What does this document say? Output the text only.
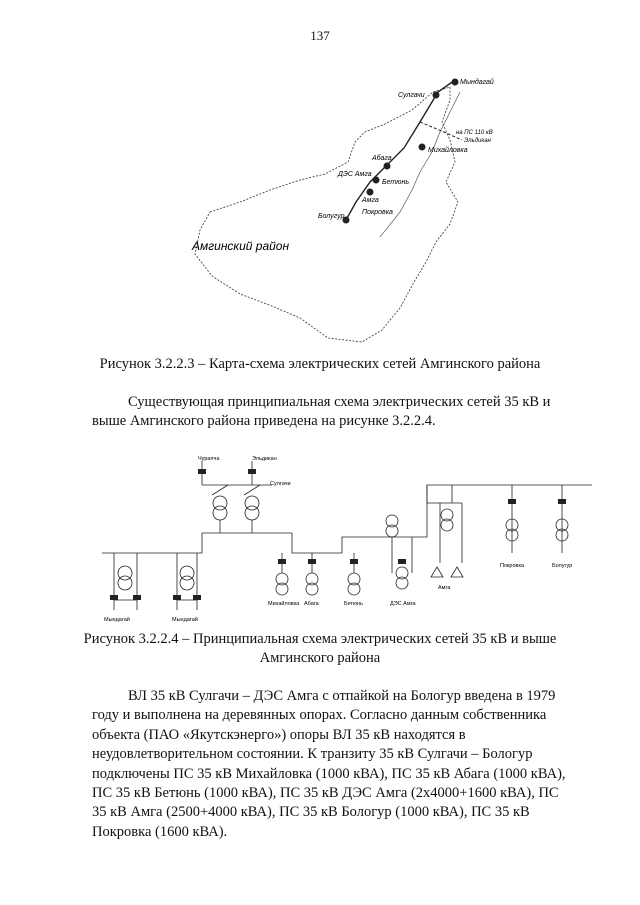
137
Мындагай
Сулгачи
Михайловка
Абага
ДЭС Амга
Бетюнь
Амга
Покровка
Болугур
на ПС 110 кВ
Эльдикан
Амгинский район
Рисунок 3.2.2.3 – Карта-схема электрических сетей Амгинского района
Существующая принципиальная схема электрических сетей 35 кВ и
выше Амгинского района приведена на рисунке 3.2.2.4.
Чурапча	Эльдикан
Сулгачи
Мындагай	Мындагай
Михайловка Абага	Бетюнь	ДЭС Амга
Амга
Покровка	Болугур
Рисунок 3.2.2.4 – Принципиальная схема электрических сетей 35 кВ и выше
Амгинского района
ВЛ 35 кВ Сулгачи – ДЭС Амга с отпайкой на Бологур введена в 1979
году и выполнена на деревянных опорах. Согласно данным собственника
объекта (ПАО «Якутскэнерго») опоры ВЛ 35 кВ находятся в
неудовлетворительном состоянии. К транзиту 35 кВ Сулгачи – Бологур
подключены ПС 35 кВ Михайловка (1000 кВА), ПС 35 кВ Абага (1000 кВА),
ПС 35 кВ Бетюнь (1000 кВА), ПС 35 кВ ДЭС Амга (2х4000+1600 кВА), ПС
35 кВ Амга (2500+4000 кВА), ПС 35 кВ Бологур (1000 кВА), ПС 35 кВ
Покровка (1600 кВА).
